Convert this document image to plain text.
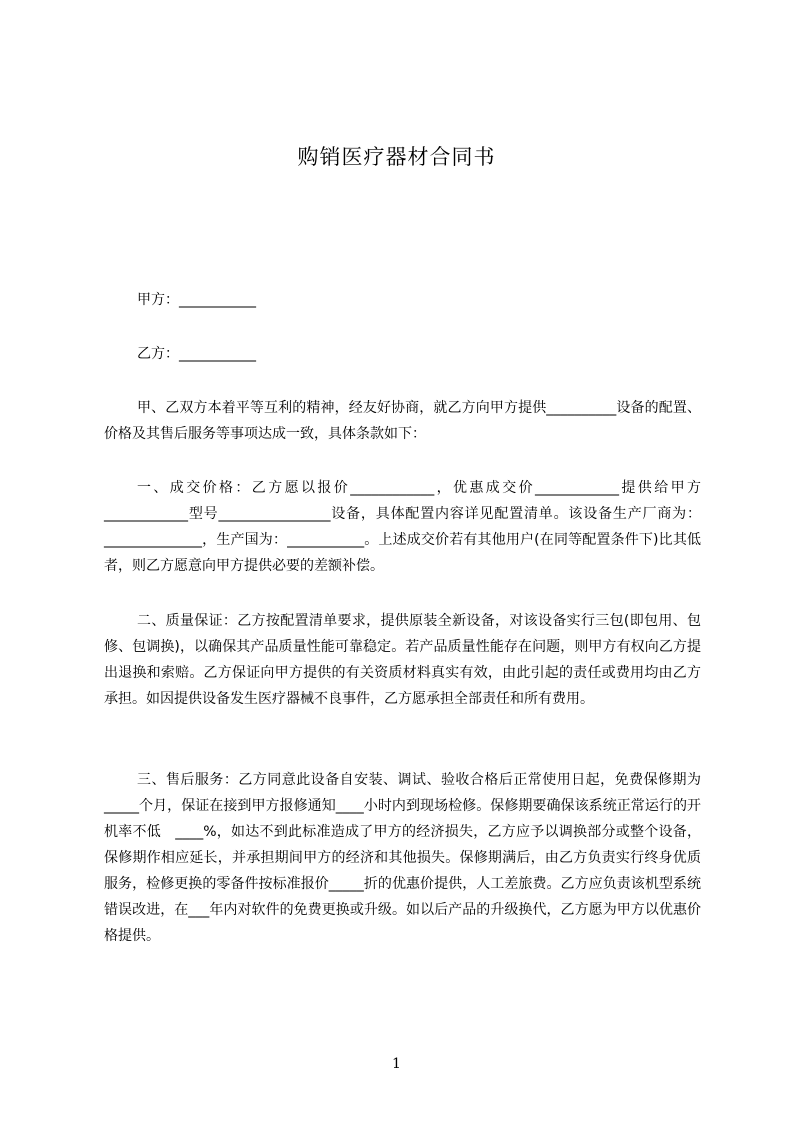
购销医疗器材合同书

甲方：___________

乙方：___________

甲、乙双方本着平等互利的精神，经友好协商，就乙方向甲方提供__________设备的配置、价格及其售后服务等事项达成一致，具体条款如下：

一、成交价格：乙方愿以报价____________，优惠成交价____________提供给甲方____________型号________________设备，具体配置内容详见配置清单。该设备生产厂商为：______________，生产国为：___________。上述成交价若有其他用户(在同等配置条件下)比其低者，则乙方愿意向甲方提供必要的差额补偿。

二、质量保证：乙方按配置清单要求，提供原装全新设备，对该设备实行三包(即包用、包修、包调换)，以确保其产品质量性能可靠稳定。若产品质量性能存在问题，则甲方有权向乙方提出退换和索赔。乙方保证向甲方提供的有关资质材料真实有效，由此引起的责任或费用均由乙方承担。如因提供设备发生医疗器械不良事件，乙方愿承担全部责任和所有费用。

三、售后服务：乙方同意此设备自安装、调试、验收合格后正常使用日起，免费保修期为_____个月，保证在接到甲方报修通知____小时内到现场检修。保修期要确保该系统正常运行的开机率不低　____%，如达不到此标准造成了甲方的经济损失，乙方应予以调换部分或整个设备，保修期作相应延长，并承担期间甲方的经济和其他损失。保修期满后，由乙方负责实行终身优质服务，检修更换的零备件按标准报价_____折的优惠价提供，人工差旅费。乙方应负责该机型系统错误改进，在___年内对软件的免费更换或升级。如以后产品的升级换代，乙方愿为甲方以优惠价格提供。

1
